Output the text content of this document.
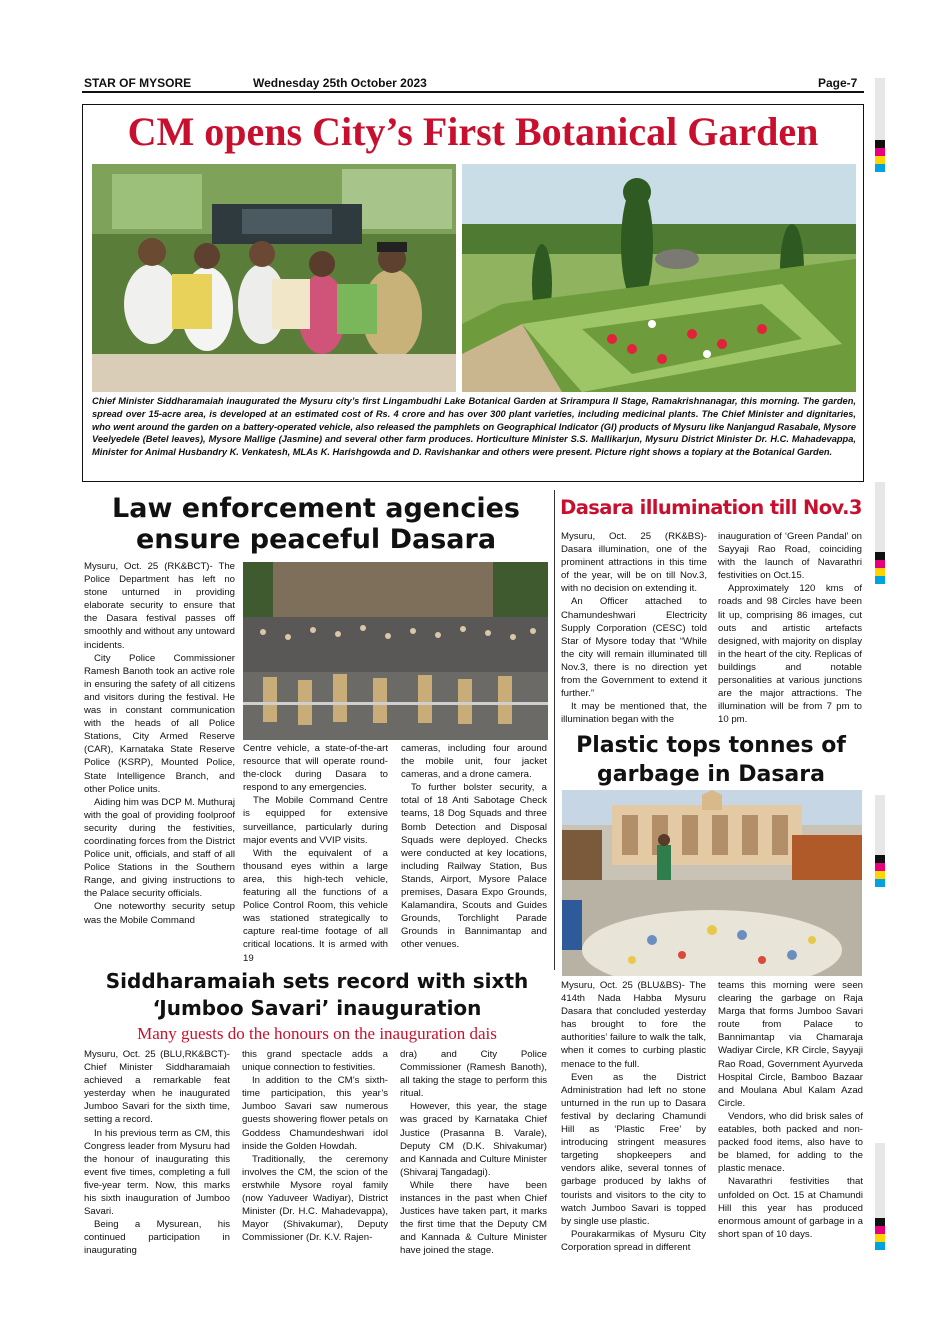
STAR OF MYSORE	Wednesday 25th October 2023	Page-7
CM opens City’s First Botanical Garden
Chief Minister Siddharamaiah inaugurated the Mysuru city’s first Lingambudhi Lake Botanical Garden at Srirampura II Stage, Ramakrishnanagar, this morning. The garden, spread over 15-acre area, is developed at an estimated cost of Rs. 4 crore and has over 300 plant varieties, including medicinal plants. The Chief Minister and dignitaries, who went around the garden on a battery-operated vehicle, also released the pamphlets on Geographical Indicator (GI) products of Mysuru like Nanjangud Rasabale, Mysore Veelyedele (Betel leaves), Mysore Mallige (Jasmine) and several other farm produces. Horticulture Minister S.S. Mallikarjun, Mysuru District Minister Dr. H.C. Mahadevappa, Minister for Animal Husbandry K. Venkatesh, MLAs K. Harishgowda and D. Ravishankar and others were present. Picture right shows a topiary at the Botanical Garden.
Law enforcement agencies
ensure peaceful Dasara

Mysuru, Oct. 25 (RK&BCT)- The Police Department has left no stone unturned in providing elaborate security to ensure that the Dasara festival passes off smoothly and without any untoward incidents.

City Police Commissioner Ramesh Banoth took an active role in ensuring the safety of all citizens and visitors during the festival. He was in constant communication with the heads of all Police Stations, City Armed Reserve (CAR), Karnataka State Reserve Police (KSRP), Mounted Police, State Intelligence Branch, and other Police units.

Aiding him was DCP M. Muthuraj with the goal of providing foolproof security during the festivities, coordinating forces from the District Police unit, officials, and staff of all Police Stations in the Southern Range, and giving instructions to the Palace security officials.

One noteworthy security setup was the Mobile Command

Centre vehicle, a state-of-the-art resource that will operate round-the-clock during Dasara to respond to any emergencies.

The Mobile Command Centre is equipped for extensive surveillance, particularly during major events and VVIP visits.

With the equivalent of a thousand eyes within a large area, this high-tech vehicle, featuring all the functions of a Police Control Room, this vehicle was stationed strategically to capture real-time footage of all critical locations. It is armed with 19

cameras, including four around the mobile unit, four jacket cameras, and a drone camera.

To further bolster security, a total of 18 Anti Sabotage Check teams, 18 Dog Squads and three Bomb Detection and Disposal Squads were deployed. Checks were conducted at key locations, including Railway Station, Bus Stands, Airport, Mysore Palace premises, Dasara Expo Grounds, Kalamandira, Scouts and Guides Grounds, Torchlight Parade Grounds in Bannimantap and other venues.

Dasara illumination till Nov.3

Mysuru, Oct. 25 (RK&BS)- Dasara illumination, one of the prominent attractions in this time of the year, will be on till Nov.3, with no decision on extending it.

An Officer attached to Chamundeshwari Electricity Supply Corporation (CESC) told Star of Mysore today that “While the city will remain illuminated till Nov.3, there is no direction yet from the Government to extend it further.”

It may be mentioned that, the illumination began with the

inauguration of ‘Green Pandal’ on Sayyaji Rao Road, coinciding with the launch of Navarathri festivities on Oct.15.

Approximately 120 kms of roads and 98 Circles have been lit up, comprising 86 images, cut outs and artistic artefacts designed, with majority on display in the heart of the city. Replicas of buildings and notable personalities at various junctions are the major attractions. The illumination will be from 7 pm to 10 pm.

Plastic tops tonnes of
garbage in Dasara

Mysuru, Oct. 25 (BLU&BS)- The 414th Nada Habba Mysuru Dasara that concluded yesterday has brought to fore the authorities’ failure to walk the talk, when it comes to curbing plastic menace to the full.

Even as the District Administration had left no stone unturned in the run up to Dasara festival by declaring Chamundi Hill as ‘Plastic Free’ by introducing stringent measures targeting shopkeepers and vendors alike, several tonnes of garbage produced by lakhs of tourists and visitors to the city to watch Jumboo Savari is topped by single use plastic.

Pourakarmikas of Mysuru City Corporation spread in different

teams this morning were seen clearing the garbage on Raja Marga that forms Jumboo Savari route from Palace to Bannimantap via Chamaraja Wadiyar Circle, KR Circle, Sayyaji Rao Road, Government Ayurveda Hospital Circle, Bamboo Bazaar and Moulana Abul Kalam Azad Circle.

Vendors, who did brisk sales of eatables, both packed and non-packed food items, also have to be blamed, for adding to the plastic menace.

Navarathri festivities that unfolded on Oct. 15 at Chamundi Hill this year has produced enormous amount of garbage in a short span of 10 days.

Siddharamaiah sets record with sixth
‘Jumboo Savari’ inauguration
Many guests do the honours on the inauguration dais

Mysuru, Oct. 25 (BLU,RK&BCT)- Chief Minister Siddharamaiah achieved a remarkable feat yesterday when he inaugurated Jumboo Savari for the sixth time, setting a record.

In his previous term as CM, this Congress leader from Mysuru had the honour of inaugurating this event five times, completing a full five-year term. Now, this marks his sixth inauguration of Jumboo Savari.

Being a Mysurean, his continued participation in inaugurating

this grand spectacle adds a unique connection to festivities.

In addition to the CM’s sixth-time participation, this year’s Jumboo Savari saw numerous guests showering flower petals on Goddess Chamundeshwari idol inside the Golden Howdah.

Traditionally, the ceremony involves the CM, the scion of the erstwhile Mysore royal family (now Yaduveer Wadiyar), District Minister (Dr. H.C. Mahadevappa), Mayor (Shivakumar), Deputy Commissioner (Dr. K.V. Rajen-

dra) and City Police Commissioner (Ramesh Banoth), all taking the stage to perform this ritual.

However, this year, the stage was graced by Karnataka Chief Justice (Prasanna B. Varale), Deputy CM (D.K. Shivakumar) and Kannada and Culture Minister (Shivaraj Tangadagi).

While there have been instances in the past when Chief Justices have taken part, it marks the first time that the Deputy CM and Kannada & Culture Minister have joined the stage.
